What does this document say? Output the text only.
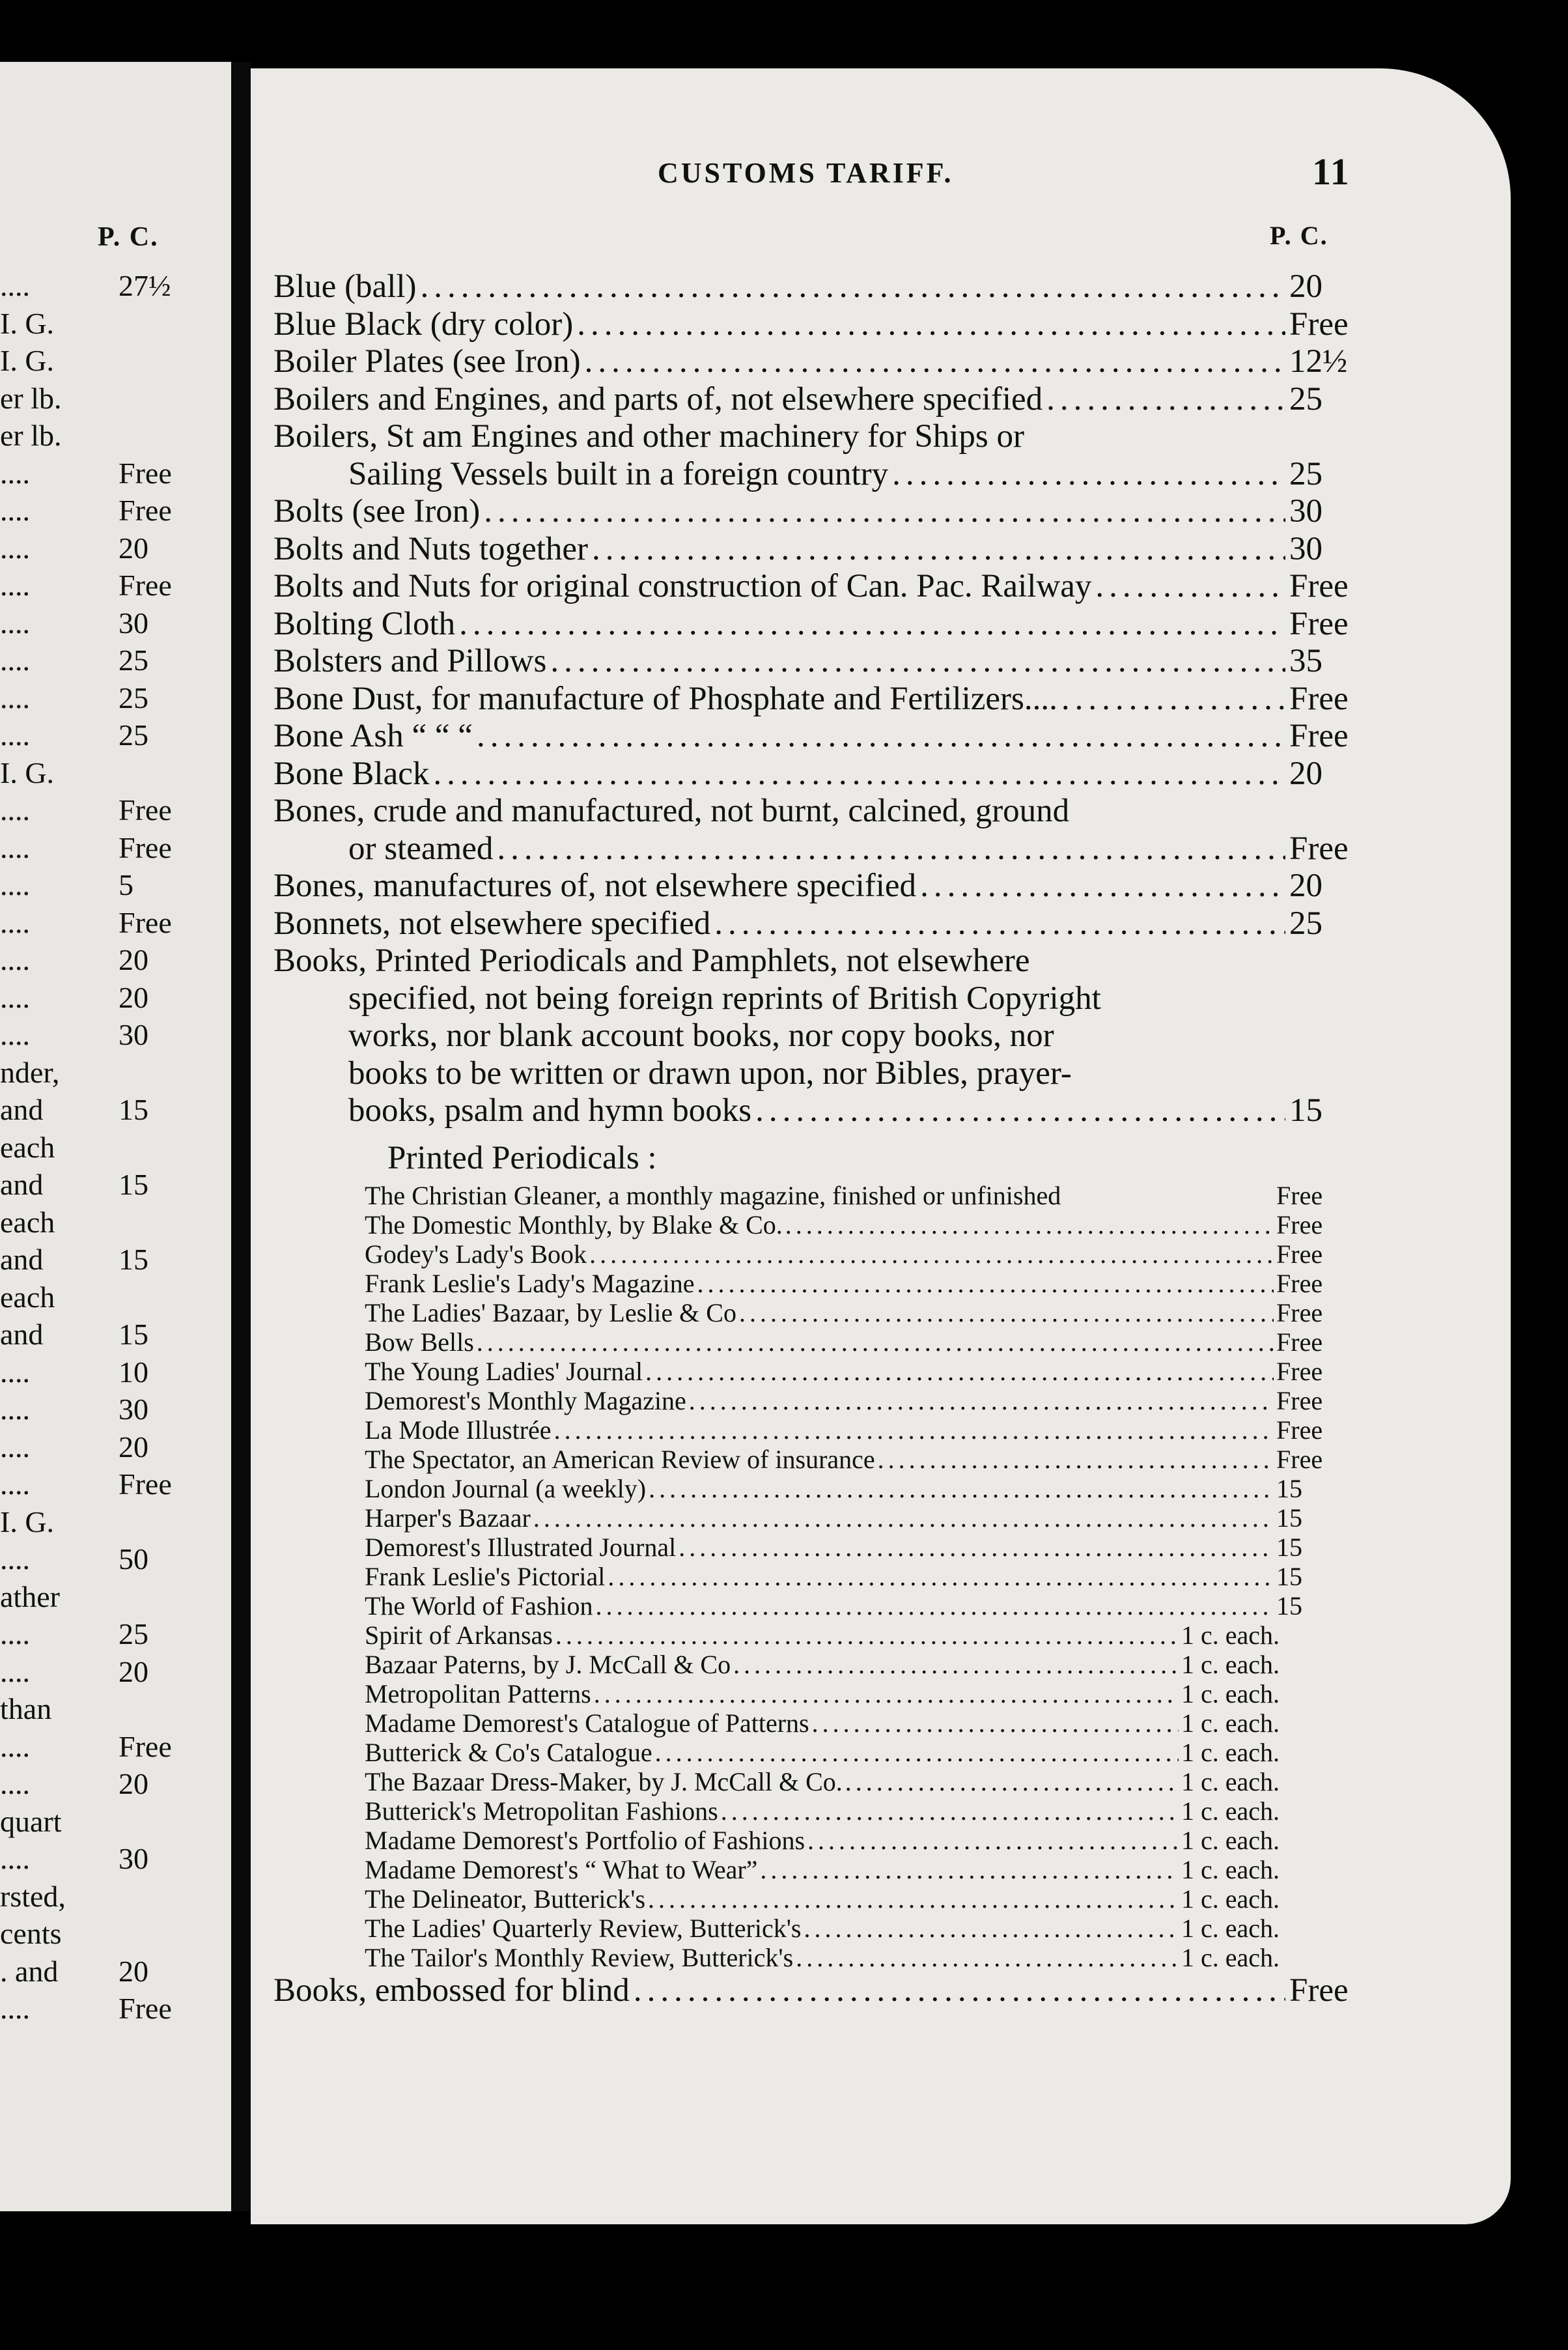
P. C.
....	27½
I. G.
I. G.
er lb.
er lb.
....	Free
....	Free
....	20
....	Free
....	30
....	25
....	25
....	25
I. G.
....	Free
....	Free
....	5
....	Free
....	20
....	20
....	30
nder,
and	15
each
and	15
each
and	15
each
and	15
....	10
....	30
....	20
....	Free
I. G.
....	50
ather
....	25
....	20
than
....	Free
....	20
quart
....	30
rsted,
cents
. and 20
....	Free
CUSTOMS TARIFF.	11
P. C.
Blue (ball) .....	20
Blue Black (dry color) .....	Free
Boiler Plates (see Iron) .....	12½
Boilers and Engines, and parts of, not elsewhere specified .....	25
Boilers, St am Engines and other machinery for Ships or
Sailing Vessels built in a foreign country .....	25
Bolts (see Iron) .....	30
Bolts and Nuts together .....	30
Bolts and Nuts for original construction of Can. Pac. Railway .....	Free
Bolting Cloth .....	Free
Bolsters and Pillows .....	35
Bone Dust, for manufacture of Phosphate and Fertilizers.... .....	Free
Bone Ash “ “ “ .....	Free
Bone Black .....	20
Bones, crude and manufactured, not burnt, calcined, ground
or steamed .....	Free
Bones, manufactures of, not elsewhere specified .....	20
Bonnets, not elsewhere specified .....	25
Books, Printed Periodicals and Pamphlets, not elsewhere
specified, not being foreign reprints of British Copyright
works, nor blank account books, nor copy books, nor
books to be written or drawn upon, nor Bibles, prayer-
books, psalm and hymn books .....	15
Printed Periodicals :
The Christian Gleaner, a monthly magazine, finished or unfinished	Free
The Domestic Monthly, by Blake & Co. .....	Free
Godey's Lady's Book .....	Free
Frank Leslie's Lady's Magazine .....	Free
The Ladies' Bazaar, by Leslie & Co .....	Free
Bow Bells .....	Free
The Young Ladies' Journal .....	Free
Demorest's Monthly Magazine .....	Free
La Mode Illustrée .....	Free
The Spectator, an American Review of insurance .....	Free
London Journal (a weekly) .....	15
Harper's Bazaar .....	15
Demorest's Illustrated Journal .....	15
Frank Leslie's Pictorial .....	15
The World of Fashion .....	15
Spirit of Arkansas .....	1 c. each.
Bazaar Paterns, by J. McCall & Co .....	1 c. each.
Metropolitan Patterns .....	1 c. each.
Madame Demorest's Catalogue of Patterns .....	1 c. each.
Butterick & Co's Catalogue .....	1 c. each.
The Bazaar Dress-Maker, by J. McCall & Co. .....	1 c. each.
Butterick's Metropolitan Fashions .....	1 c. each.
Madame Demorest's Portfolio of Fashions .....	1 c. each.
Madame Demorest's “ What to Wear” .....	1 c. each.
The Delineator, Butterick's .....	1 c. each.
The Ladies' Quarterly Review, Butterick's .....	1 c. each.
The Tailor's Monthly Review, Butterick's .....	1 c. each.
Books, embossed for blind .....	Free
